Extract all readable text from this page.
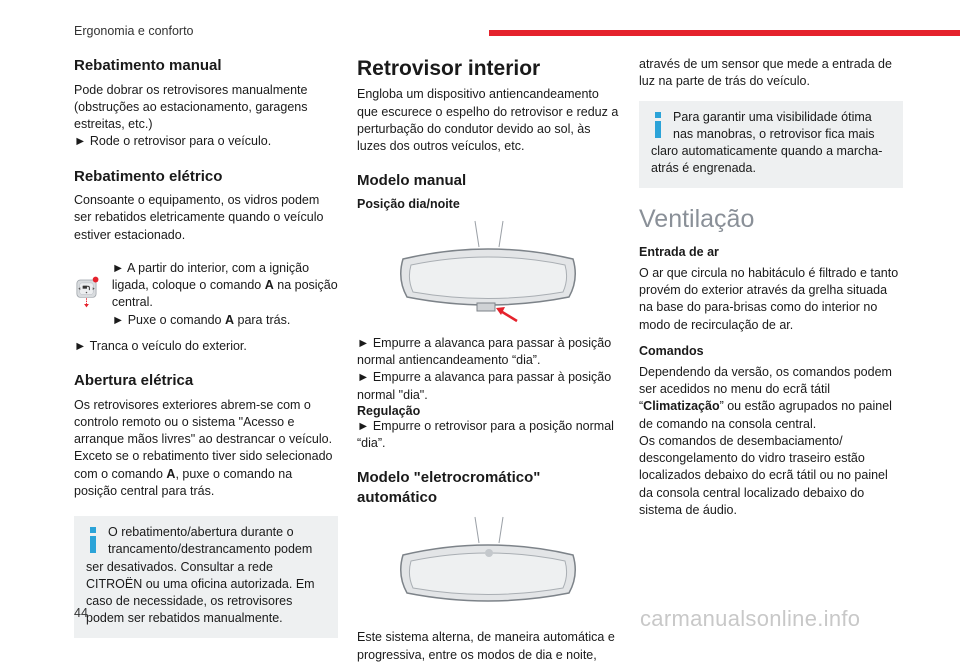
Ergonomia e conforto
Rebatimento manual

Pode dobrar os retrovisores manualmente (obstruções ao estacionamento, garagens estreitas, etc.)

► Rode o retrovisor para o veículo.

Rebatimento elétrico

Consoante o equipamento, os vidros podem ser rebatidos eletricamente quando o veículo estiver estacionado.

► A partir do interior, com a ignição ligada, coloque o comando A na posição central.
► Puxe o comando A para trás.

► Tranca o veículo do exterior.

Abertura elétrica

Os retrovisores exteriores abrem-se com o controlo remoto ou o sistema "Acesso e arranque mãos livres" ao destrancar o veículo. Exceto se o rebatimento tiver sido selecionado com o comando A, puxe o comando na posição central para trás.

O rebatimento/abertura durante o trancamento/destrancamento podem ser desativados. Consultar a rede CITROËN ou uma oficina autorizada. Em caso de necessidade, os retrovisores podem ser rebatidos manualmente.
Retrovisor interior

Engloba um dispositivo antiencandeamento que escurece o espelho do retrovisor e reduz a perturbação do condutor devido ao sol, às luzes dos outros veículos, etc.

Modelo manual
Posição dia/noite

► Empurre a alavanca para passar à posição normal antiencandeamento “dia”.

► Empurre a alavanca para passar à posição normal "dia".

Regulação

► Empurre o retrovisor para a posição normal “dia”.

Modelo "eletrocromático" automático

Este sistema alterna, de maneira automática e progressiva, entre os modos de dia e noite,

através de um sensor que mede a entrada de luz na parte de trás do veículo.

Para garantir uma visibilidade ótima nas manobras, o retrovisor fica mais claro automaticamente quando a marcha-atrás é engrenada.
Ventilação
Entrada de ar

O ar que circula no habitáculo é filtrado e tanto provém do exterior através da grelha situada na base do para-brisas como do interior no modo de recirculação de ar.

Comandos

Dependendo da versão, os comandos podem ser acedidos no menu do ecrã tátil “Climatização” ou estão agrupados no painel de comando na consola central.

Os comandos de desembaciamento/ descongelamento do vidro traseiro estão localizados debaixo do ecrã tátil ou no painel da consola central localizado debaixo do sistema de áudio.

44	carmanualsonline.info
